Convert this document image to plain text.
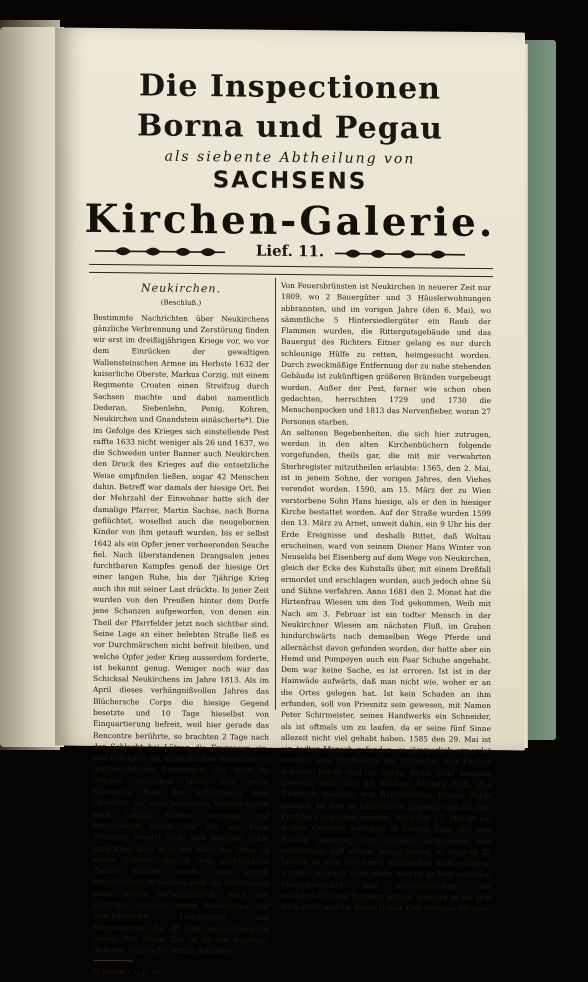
Die Inspectionen
Borna und Pegau
als siebente Abtheilung von
SACHSENS
Kirchen-Galerie.
Lief. 11.

Neukirchen.

(Beschluß.)

Bestimmte Nachrichten über Neukirchens gänzliche Verbrennung und Zerstörung finden wir erst im dreißigjährigen Kriege vor, wo vor dem Einrücken der gewaltigen Wallensteinschen Armee im Herbste 1632 der kaiserliche Oberste, Markus Corzig, mit einem Regimente Croaten einen Streifzug durch Sachsen machte und dabei namentlich Dederan, Siebenlehn, Penig, Kohren, Neukirchen und Gnandstein einäscherte*). Die im Gefolge des Krieges sich einstellende Pest raffte 1633 nicht weniger als 26 und 1637, wo die Schweden unter Banner auch Neukirchen den Druck des Krieges auf die entsetzliche Weise empfinden ließen, sogar 42 Menschen dahin. Betreff war damals der hiesige Ort. Bei der Mehrzahl der Einwohner hatte sich der damalige Pfarrer, Martin Sachse, nach Borna geflüchtet, woselbst auch die neugebornen Kinder von ihm getauft wurden, bis er selbst 1642 als ein Opfer jener verheerenden Seuche fiel. Nach überstandenen Drangsalen jenes furchtbaren Kampfes genoß der hiesige Ort einer langen Ruhe, bis der 7jährige Krieg auch ihn mit seiner Last drückte. In jener Zeit wurden von den Preußen hinter dem Dorfe jene Schanzen aufgeworfen, von denen ein Theil der Pfarrfelder jetzt noch sichtbar sind. Seine Lage an einer belebten Straße ließ es vor Durchmärschen nicht befreit bleiben, und welche Opfer jeder Krieg ausserdem forderte, ist bekannt genug. Weniger noch war das Schicksal Neukirchens im Jahre 1813. Als im April dieses verhängnißvollen Jahres das Blüchersche Corps die hiesige Gegend besetzte und 10 Tage hieselbst von Einquartierung befreit, weil hier gerade das Rencontre berührte, so brachten 2 Tage nach der Schlacht bei Lützen die Franzosen ein, und nöthigten die unglücklichen Bewohner zu ungewöhnlichen Leistungen. Als denn im October desselben Jahres das große böhmische Heer der Verbündeten über Chemnitz zur entscheidenden Völkerschlacht nach Leipzig Ebenen vorzrang und Poniatowskis Corps, der mit von Peter Frohburg besetzt hielt, sich langsam dahin zurückzog, kam es in der Nähe des Ortes zu einem Gefecht, und in dem nachbarliche Zeitlitz heftiger wurde, ohne jedoch entscheidend zu werden oder die Verwüstung eines Dorfes herbeizuführen. Nach der Leipziger Schlacht traten Neukirchen nur Durchmärsche, Lieferungen und Requisitionen, die oft sehr unerschwinglich waren. Seit dieser Zeit ist es von fremdem, lästigem Zuspruche befreit geblieben.

*) Muller i. c. p. 66.

Von Feuersbrünsten ist Neukirchen in neuerer Zeit nur 1809, wo 2 Bauergüter und 3 Häuslerwohnungen abbrannten, und im vorigen Jahre (den 6. Mai), wo sämmtliche 5 Hintersiedlergüter ein Raub der Flammen wurden, die Rittergutsgebäude und das Bauergut des Richters Eitner gelang es nur durch schleunige Hülfe zu retten, heimgesucht worden. Durch zweckmäßige Entfernung der zu nahe stehenden Gebäude ist zukünftigen größeren Bränden vorgebeugt worden. Außer der Pest, ferner wie schon oben gedachten, herrschten 1729 und 1730 die Menschenpocken und 1813 das Nervenfieber, woran 27 Personen starben.

An seltenen Begebenheiten, die sich hier zutrugen, werden in den alten Kirchenbüchern folgende vorgefunden, theils gar, die mit mir verwahrten Sterbregister mitzutheilen erlaubte: 1565, den 2. Mai, ist in jenem Sohne, der vorigen Jahres, den Viehes verendet worden. 1590, am 15. März der zu Wien verstorbene Sohn Hans hiesige, als er den in hiesiger Kirche bestattet worden. Auf der Straße wurden 1599 den 13. März zu Arnet, unweit dahin, ein 9 Uhr bis der Erde Ereignisse und deshalb Bittet, daß Woltau erscheinen, ward von seinem Diener Hans Winter von Neuselda bei Eisenberg auf dem Wege von Neukirchen, gleich der Ecke des Kuhstalls über, mit einem Dreßfall ermordet und erschlagen worden, auch jedoch ohne Sü und Sühne verfahren. Anno 1681 den 2. Monat hat die Hirtenfrau Wiesen um den Tod gekommen, Weib mit Nach am 3. Februar ist ein todter Mensch in der Neukirchner Wiesen am nächsten Fluß, im Graben hindurchwärts nach demselben Wege Pferde und allernächst davon gefunden worden, der hatte aber ein Hemd und Pompoyen auch ein Paar Schuhe angehabt. Dem war keine Sache, es ist erroren. Ist ist in der Hainwäde aufwärts, daß man nicht wie, woher er an die Ortes gelegen hat. Ist kein Schaden an ihm erfunden, soll von Priesnitz sein gewesen, mit Namen Peter Schirmeister, seines Handwerks ein Schneider, als ist oftmals um zu laufen, da er seine fünf Sinne allezeit nicht viel gehabt haben. 1585 den 29. Mai ist ein todter Mensch gefunden, so jämmerlich ermordet worden, sein Handwerks ein Schneider. Seit Fischer geboren haben und in Borna recht wohl bekannt gewesen sein. Hat an Michael Müllers Holz, das Uhlerholz genannt, von Bartholomäus Eitners Felde gelegen. Ist dem im Leibzeichen abgelegt und auf dem Kirchhofe begraben worden. 1605 den 27. Mai ist ein großes Gewitter, nachdem es zweien Tage und zwo Nächte geregnet, von solchem aufgelaufen und ersprungen, daß etliche gesagt haben, es wäre in 25 Jahren, so weit ihre Leute dergleichen nicht erfahren worden, wodurch nicht allein, was es an Heu gefunden überschwemmet und erschrecklichen und unübersichtlichen Schaden gethan, sondern es hat sich auch unter andern dieser Unfall, Gott erbarme es! also
